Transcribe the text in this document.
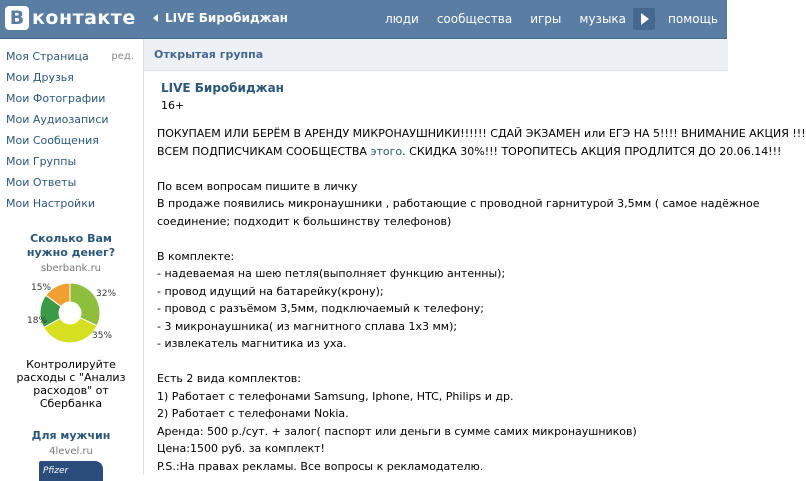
В контакте LIVE Биробиджан	люди	сообщества	игры	музыка	помощь
Моя Страница ред.
Мои Друзья
Мои Фотографии
Мои Аудиозаписи
Мои Сообщения
Мои Группы
Мои Ответы
Мои Настройки
Сколько Вам нужно денег?
sberbank.ru
15%
32%
35%
18%
Контролируйте расходы с "Анализ расходов" от Сбербанка
Для мужчин
4level.ru
Pfizer
Открытая группа
LIVE Биробиджан
16+
ПОКУПАЕМ ИЛИ БЕРЁМ В АРЕНДУ МИКРОНАУШНИКИ!!!!!! СДАЙ ЭКЗАМЕН или ЕГЭ НА 5!!!! ВНИМАНИЕ АКЦИЯ !!!
ВСЕМ ПОДПИСЧИКАМ СООБЩЕСТВА этого. СКИДКА 30%!!! ТОРОПИТЕСЬ АКЦИЯ ПРОДЛИТСЯ ДО 20.06.14!!!
По всем вопросам пишите в личку
В продаже появились микронаушники , работающие с проводной гарнитурой 3,5мм ( самое надёжное
соединение; подходит к большинству телефонов)
В комплекте:
- надеваемая на шею петля(выполняет функцию антенны);
- провод идущий на батарейку(крону);
- провод с разъёмом 3,5мм, подключаемый к телефону;
- 3 микронаушника( из магнитного сплава 1х3 мм);
- извлекатель магнитика из уха.
Есть 2 вида комплектов:
1) Работает с телефонами Samsung, Iphone, HTC, Philips и др.
2) Работает с телефонами Nokia.
Аренда: 500 р./сут. + залог( паспорт или деньги в сумме самих микронаушников)
Цена:1500 руб. за комплект!
P.S.:На правах рекламы. Все вопросы к рекламодателю.
